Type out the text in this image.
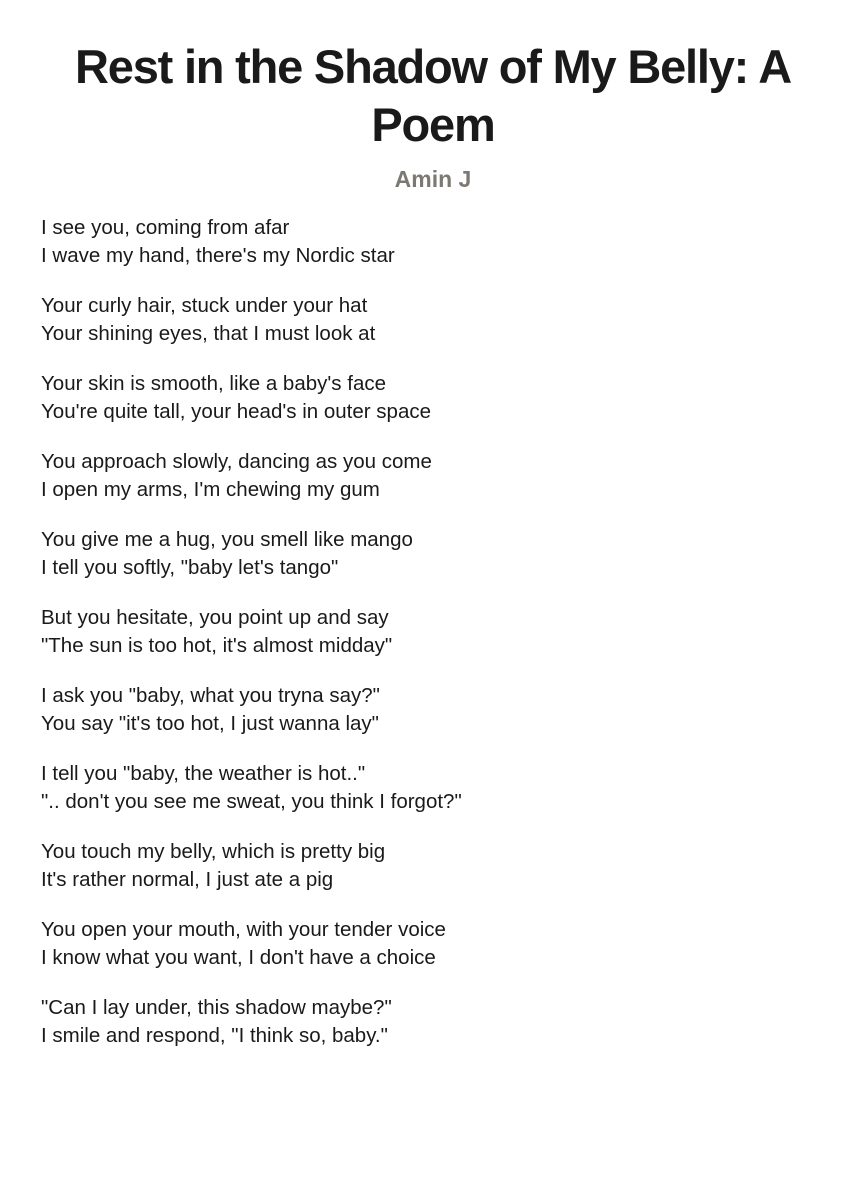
Rest in the Shadow of My Belly: A Poem
Amin J
I see you, coming from afar
I wave my hand, there's my Nordic star
Your curly hair, stuck under your hat
Your shining eyes, that I must look at
Your skin is smooth, like a baby's face
You're quite tall, your head's in outer space
You approach slowly, dancing as you come
I open my arms, I'm chewing my gum
You give me a hug, you smell like mango
I tell you softly, "baby let's tango"
But you hesitate, you point up and say
"The sun is too hot, it's almost midday"
I ask you "baby, what you tryna say?"
You say "it's too hot, I just wanna lay"
I tell you "baby, the weather is hot.."
".. don't you see me sweat, you think I forgot?"
You touch my belly, which is pretty big
It's rather normal, I just ate a pig
You open your mouth, with your tender voice
I know what you want, I don't have a choice
"Can I lay under, this shadow maybe?"
I smile and respond, "I think so, baby."
